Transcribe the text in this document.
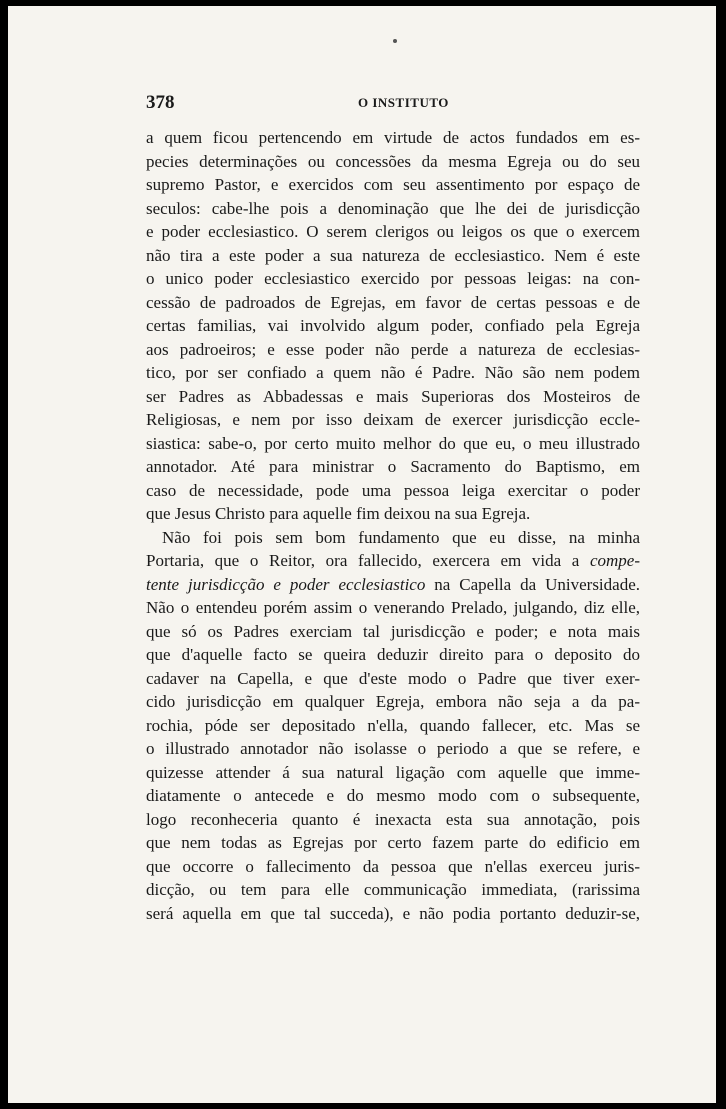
378	O INSTITUTO
a quem ficou pertencendo em virtude de actos fundados em es-
pecies determinações ou concessões da mesma Egreja ou do seu
supremo Pastor, e exercidos com seu assentimento por espaço de
seculos: cabe-lhe pois a denominação que lhe dei de jurisdicção
e poder ecclesiastico. O serem clerigos ou leigos os que o exercem
não tira a este poder a sua natureza de ecclesiastico. Nem é este
o unico poder ecclesiastico exercido por pessoas leigas: na con-
cessão de padroados de Egrejas, em favor de certas pessoas e de
certas familias, vai involvido algum poder, confiado pela Egreja
aos padroeiros; e esse poder não perde a natureza de ecclesias-
tico, por ser confiado a quem não é Padre. Não são nem podem
ser Padres as Abbadessas e mais Superioras dos Mosteiros de
Religiosas, e nem por isso deixam de exercer jurisdicção eccle-
siastica: sabe-o, por certo muito melhor do que eu, o meu illustrado
annotador. Até para ministrar o Sacramento do Baptismo, em
caso de necessidade, pode uma pessoa leiga exercitar o poder
que Jesus Christo para aquelle fim deixou na sua Egreja.
Não foi pois sem bom fundamento que eu disse, na minha
Portaria, que o Reitor, ora fallecido, exercera em vida a compe-
tente jurisdicção e poder ecclesiastico na Capella da Universidade.
Não o entendeu porém assim o venerando Prelado, julgando, diz elle,
que só os Padres exerciam tal jurisdicção e poder; e nota mais
que d'aquelle facto se queira deduzir direito para o deposito do
cadaver na Capella, e que d'este modo o Padre que tiver exer-
cido jurisdicção em qualquer Egreja, embora não seja a da pa-
rochia, póde ser depositado n'ella, quando fallecer, etc. Mas se
o illustrado annotador não isolasse o periodo a que se refere, e
quizesse attender á sua natural ligação com aquelle que imme-
diatamente o antecede e do mesmo modo com o subsequente,
logo reconheceria quanto é inexacta esta sua annotação, pois
que nem todas as Egrejas por certo fazem parte do edificio em
que occorre o fallecimento da pessoa que n'ellas exerceu juris-
dicção, ou tem para elle communicação immediata, (rarissima
será aquella em que tal succeda), e não podia portanto deduzir-se,
